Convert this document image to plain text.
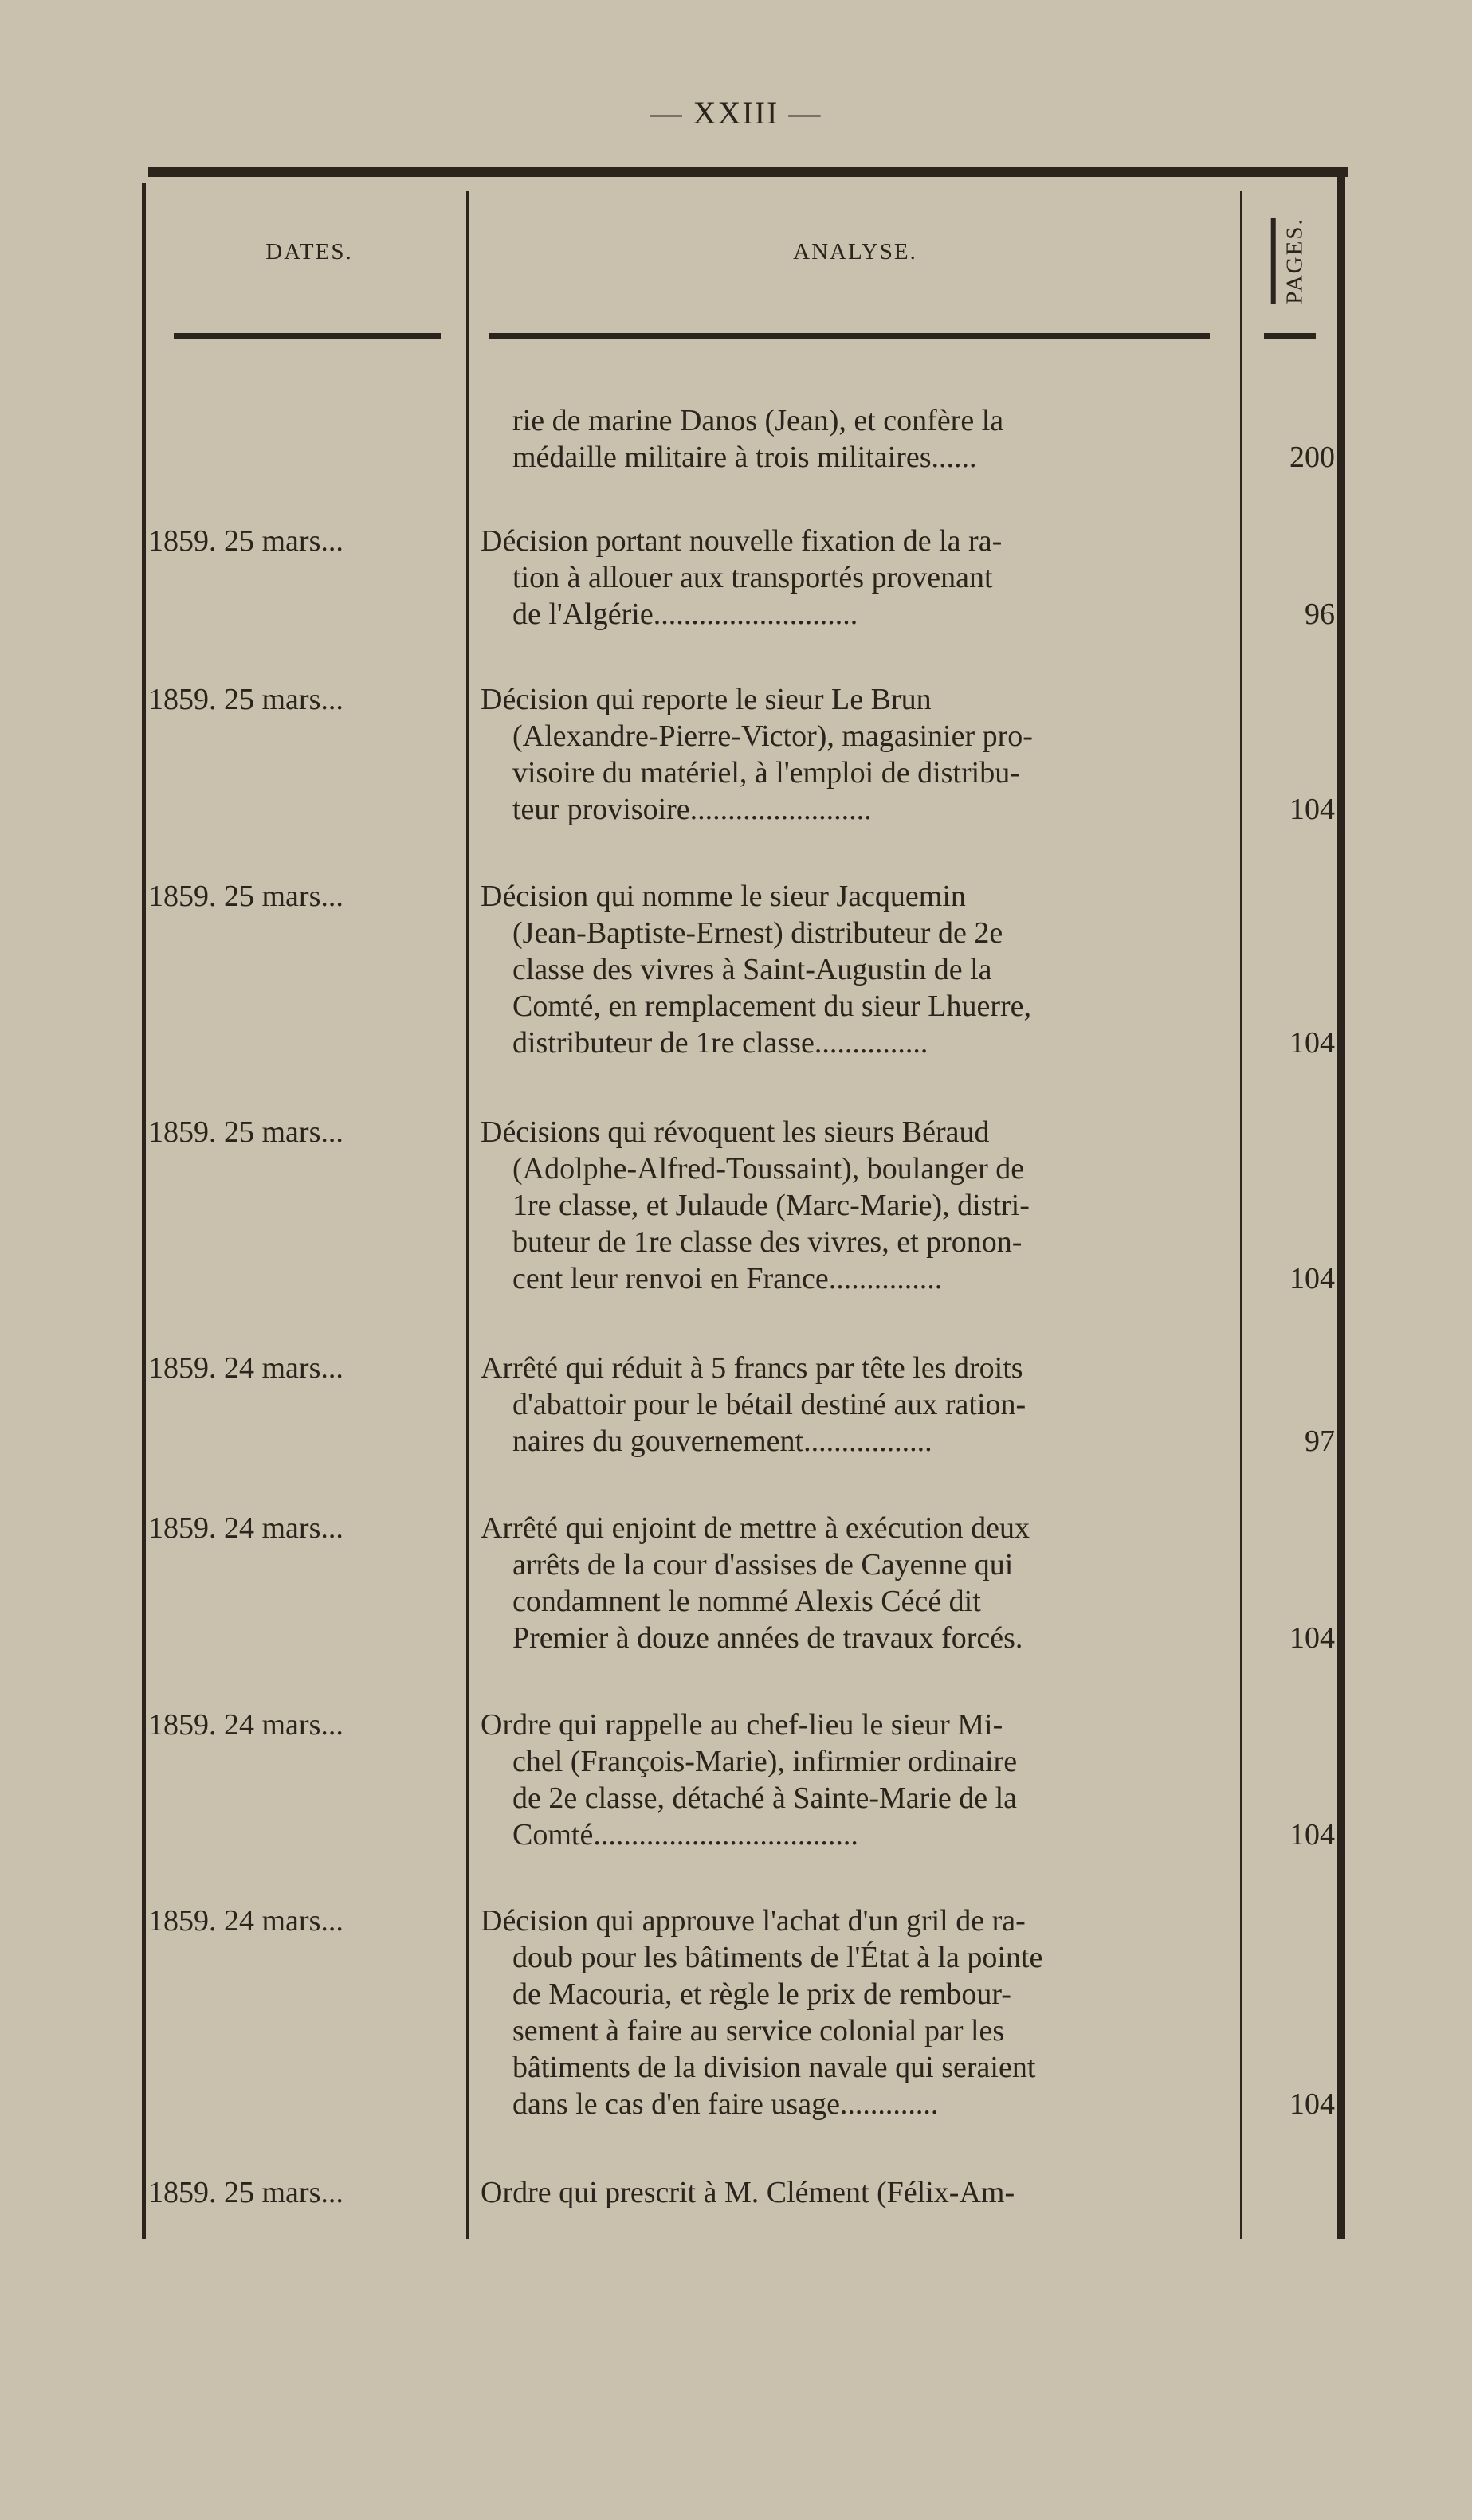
— XXIII —
DATES.	ANALYSE.	PAGES.
rie de marine Danos (Jean), et confère la
médaille militaire à trois militaires......	200
1859. 25 mars...	Décision portant nouvelle fixation de la ra-
tion à allouer aux transportés provenant
de l'Algérie...........................	96
1859. 25 mars...	Décision qui reporte le sieur Le Brun
(Alexandre-Pierre-Victor), magasinier pro-
visoire du matériel, à l'emploi de distribu-
teur provisoire........................	104
1859. 25 mars...	Décision qui nomme le sieur Jacquemin
(Jean-Baptiste-Ernest) distributeur de 2e
classe des vivres à Saint-Augustin de la
Comté, en remplacement du sieur Lhuerre,
distributeur de 1re classe...............	104
1859. 25 mars...	Décisions qui révoquent les sieurs Béraud
(Adolphe-Alfred-Toussaint), boulanger de
1re classe, et Julaude (Marc-Marie), distri-
buteur de 1re classe des vivres, et pronon-
cent leur renvoi en France...............	104
1859. 24 mars...	Arrêté qui réduit à 5 francs par tête les droits
d'abattoir pour le bétail destiné aux ration-
naires du gouvernement.................	97
1859. 24 mars...	Arrêté qui enjoint de mettre à exécution deux
arrêts de la cour d'assises de Cayenne qui
condamnent le nommé Alexis Cécé dit
Premier à douze années de travaux forcés.	104
1859. 24 mars...	Ordre qui rappelle au chef-lieu le sieur Mi-
chel (François-Marie), infirmier ordinaire
de 2e classe, détaché à Sainte-Marie de la
Comté...................................	104
1859. 24 mars...	Décision qui approuve l'achat d'un gril de ra-
doub pour les bâtiments de l'État à la pointe
de Macouria, et règle le prix de rembour-
sement à faire au service colonial par les
bâtiments de la division navale qui seraient
dans le cas d'en faire usage.............	104
1859. 25 mars...	Ordre qui prescrit à M. Clément (Félix-Am-
